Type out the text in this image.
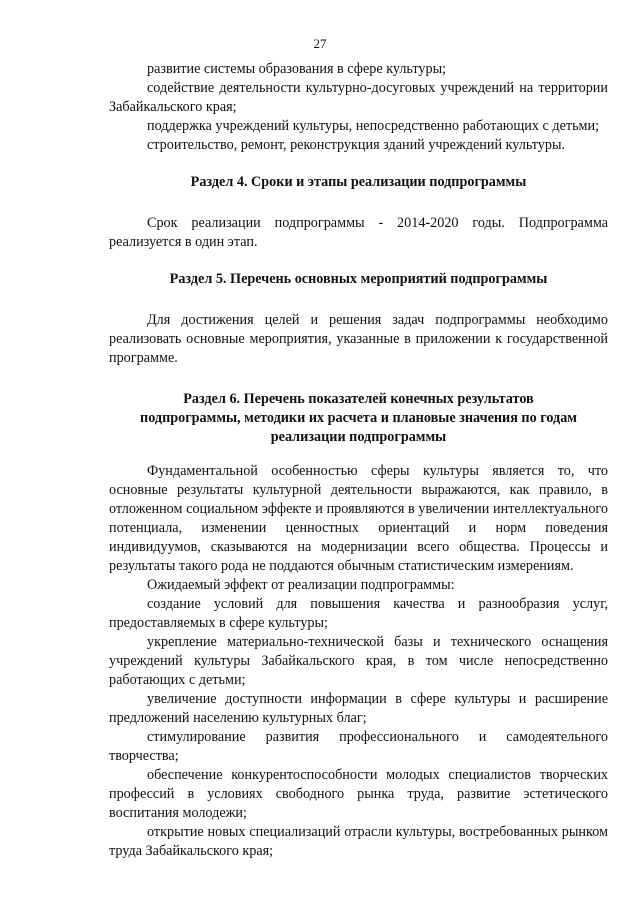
27

развитие системы образования в сфере культуры;

содействие деятельности культурно-досуговых учреждений на территории Забайкальского края;

поддержка учреждений культуры, непосредственно работающих с детьми;

строительство, ремонт, реконструкция зданий учреждений культуры.

Раздел 4. Сроки и этапы реализации подпрограммы

Срок реализации подпрограммы - 2014-2020 годы. Подпрограмма реализуется в один этап.

Раздел 5. Перечень основных мероприятий подпрограммы

Для достижения целей и решения задач подпрограммы необходимо реализовать основные мероприятия, указанные в приложении к государственной программе.

Раздел 6. Перечень показателей конечных результатов

подпрограммы, методики их расчета и плановые значения по годам

реализации подпрограммы

Фундаментальной особенностью сферы культуры является то, что основные результаты культурной деятельности выражаются, как правило, в отложенном социальном эффекте и проявляются в увеличении интеллектуального потенциала, изменении ценностных ориентаций и норм поведения индивидуумов, сказываются на модернизации всего общества. Процессы и результаты такого рода не поддаются обычным статистическим измерениям.

Ожидаемый эффект от реализации подпрограммы:

создание условий для повышения качества и разнообразия услуг, предоставляемых в сфере культуры;

укрепление материально-технической базы и технического оснащения учреждений культуры Забайкальского края, в том числе непосредственно работающих с детьми;

увеличение доступности информации в сфере культуры и расширение предложений населению культурных благ;

стимулирование развития профессионального и самодеятельного творчества;

обеспечение конкурентоспособности молодых специалистов творческих профессий в условиях свободного рынка труда, развитие эстетического воспитания молодежи;

открытие новых специализаций отрасли культуры, востребованных рынком труда Забайкальского края;
